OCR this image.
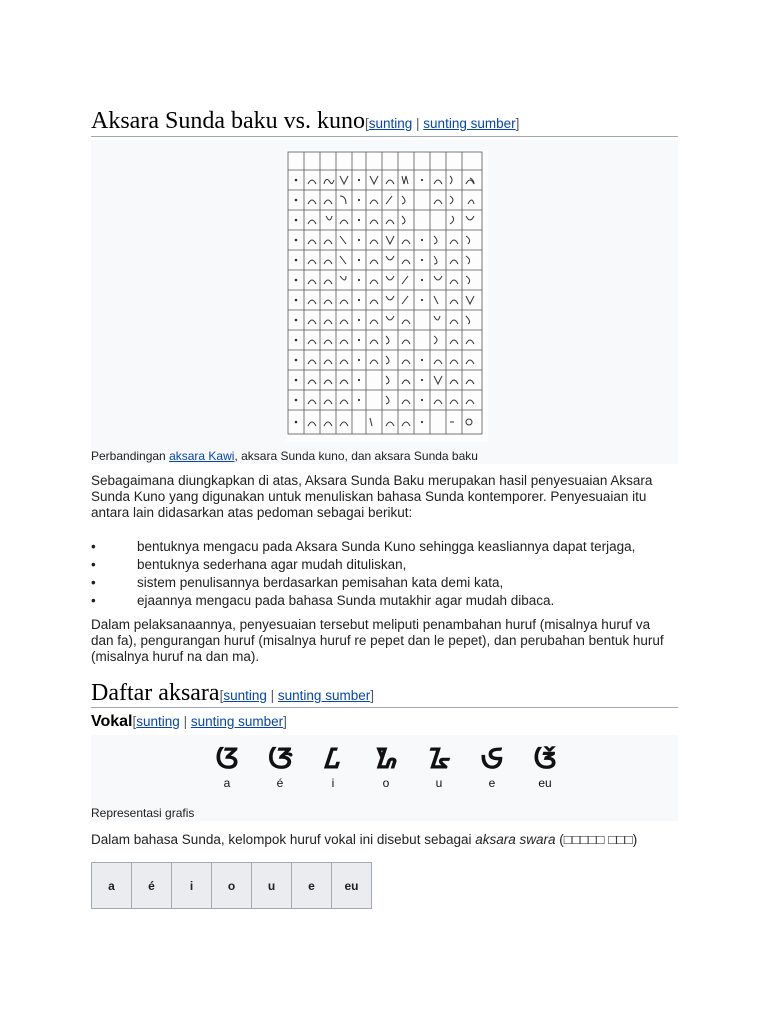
Aksara Sunda baku vs. kuno[sunting | sunting sumber]
Perbandingan aksara Kawi, aksara Sunda kuno, dan aksara Sunda baku
Sebagaimana diungkapkan di atas, Aksara Sunda Baku merupakan hasil penyesuaian Aksara Sunda Kuno yang digunakan untuk menuliskan bahasa Sunda kontemporer. Penyesuaian itu antara lain didasarkan atas pedoman sebagai berikut:
•	bentuknya mengacu pada Aksara Sunda Kuno sehingga keasliannya dapat terjaga,
•	bentuknya sederhana agar mudah dituliskan,
•	sistem penulisannya berdasarkan pemisahan kata demi kata,
•	ejaannya mengacu pada bahasa Sunda mutakhir agar mudah dibaca.
Dalam pelaksanaannya, penyesuaian tersebut meliputi penambahan huruf (misalnya huruf va dan fa), pengurangan huruf (misalnya huruf re pepet dan le pepet), dan perubahan bentuk huruf (misalnya huruf na dan ma).
Daftar aksara[sunting | sunting sumber]
Vokal[sunting | sunting sumber]
ᮃ ᮆ	ᮄ	ᮇ	ᮅ	ᮈ	ᮉ
a	é	i	o	u	e	eu
Representasi grafis
Dalam bahasa Sunda, kelompok huruf vokal ini disebut sebagai aksara swara (□□□□□ □□□)
a	é	i	o	u	e	eu
